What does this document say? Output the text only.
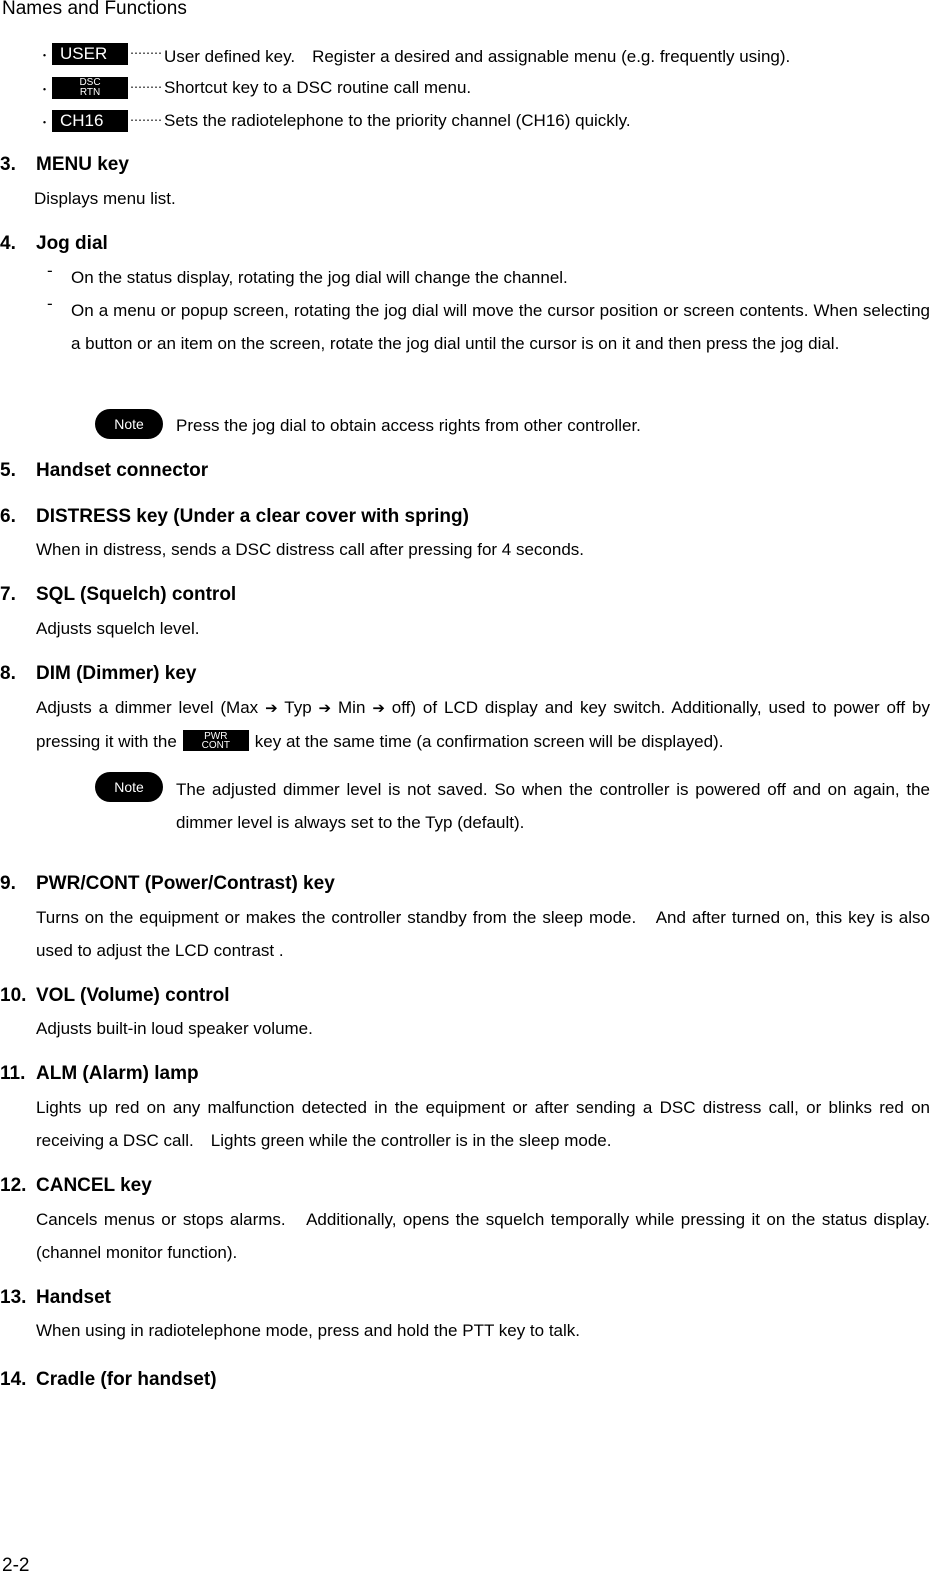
Names and Functions
・ USER ‥‥‥‥ User defined key.　Register a desired and assignable menu (e.g. frequently using).
・	DSC
RTN
‥‥‥‥ Shortcut key to a DSC routine call menu.
・ CH16 ‥‥‥‥ Sets the radiotelephone to the priority channel (CH16) quickly.
3. MENU key
Displays menu list.
4. Jog dial
- On the status display, rotating the jog dial will change the channel.
- On a menu or popup screen, rotating the jog dial will move the cursor position or screen contents. When selecting a button or an item on the screen, rotate the jog dial until the cursor is on it and then press the jog dial.
Note	Press the jog dial to obtain access rights from other controller.
5. Handset connector
6. DISTRESS key (Under a clear cover with spring)
When in distress, sends a DSC distress call after pressing for 4 seconds.
7. SQL (Squelch) control
Adjusts squelch level.
8. DIM (Dimmer) key
Adjusts a dimmer level (Max ➔ Typ ➔ Min ➔ off) of LCD display and key switch. Additionally, used to power off by pressing it with the	PWR
CONT key at the same time (a confirmation screen will be displayed).
Note	The adjusted dimmer level is not saved. So when the controller is powered off and on again, the dimmer level is always set to the Typ (default).
9. PWR/CONT (Power/Contrast) key
Turns on the equipment or makes the controller standby from the sleep mode.　And after turned on, this key is also used to adjust the LCD contrast .
10. VOL (Volume) control
Adjusts built-in loud speaker volume.
11. ALM (Alarm) lamp
Lights up red on any malfunction detected in the equipment or after sending a DSC distress call, or blinks red on receiving a DSC call.　Lights green while the controller is in the sleep mode.
12. CANCEL key
Cancels menus or stops alarms.　Additionally, opens the squelch temporally while pressing it on the status display. (channel monitor function).
13. Handset
When using in radiotelephone mode, press and hold the PTT key to talk.
14. Cradle (for handset)
2-2
